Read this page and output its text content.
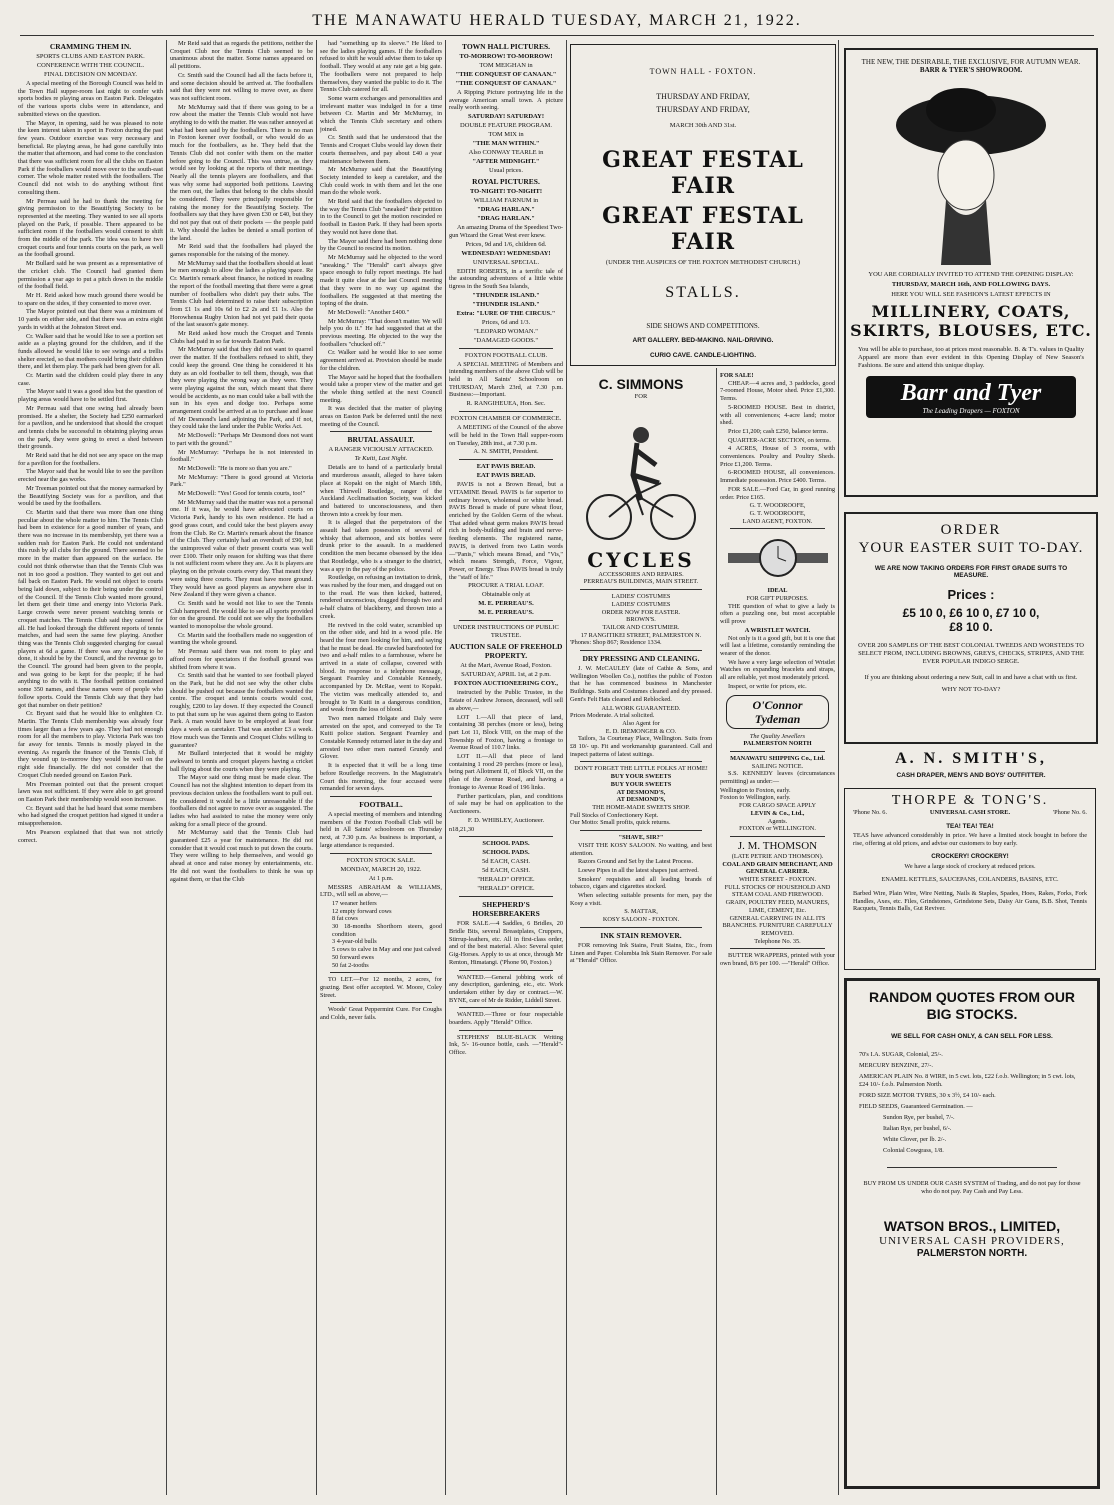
THE MANAWATU HERALD TUESDAY, MARCH 21, 1922.
CRAMMING THEM IN.
SPORTS CLUBS AND EASTON PARK.
CONFERENCE WITH THE COUNCIL.
FINAL DECISION ON MONDAY.

A special meeting of the Borough Council was held in the Town Hall supper-room last night to confer with sports bodies re playing areas on Easton Park. Delegates of the various sports clubs were in attendance, and submitted views on the question.

The Mayor, in opening, said he was pleased to note the keen interest taken in sport in Foxton during the past few years. Outdoor exercise was very necessary and beneficial. Re playing areas, he had gone carefully into the matter that afternoon, and had come to the conclusion that there was sufficient room for all the clubs on Easton Park if the footballers would move over to the south-east corner. The whole matter rested with the footballers. The Council did not wish to do anything without first consulting them.

Mr Perreau said he had to thank the meeting for giving permission to the Beautifying Society to be represented at the meeting. They wanted to see all sports played on the Park, if possible. There appeared to be sufficient room if the footballers would consent to shift from the middle of the park. The idea was to have two croquet courts and four tennis courts on the park, as well as the football ground.

Mr Bullard said he was present as a representative of the cricket club. The Council had granted them permission a year ago to put a pitch down in the middle of the football field.

Mr H. Reid asked how much ground there would be to spare on the sides, if they consented to move over.

The Mayor pointed out that there was a minimum of 10 yards on either side, and that there was an extra eight yards in width at the Johnston Street end.

Cr. Walker said that he would like to see a portion set aside as a playing ground for the children, and if the funds allowed he would like to see swings and a trellis shelter erected, so that mothers could bring their children there, and let them play. The park had been given for all.

Cr. Martin said the children could play there in any case.

The Mayor said it was a good idea but the question of playing areas would have to be settled first.

Mr Perreau said that one swing had already been promised. He a shelter, the Society had £250 earmarked for a pavilion, and he understood that should the croquet and tennis clubs be successful in obtaining playing areas on the park, they were going to erect a shed between their grounds.

Mr Reid said that he did not see any space on the map for a pavilion for the footballers.

The Mayor said that he would like to see the pavilion erected near the gas works.

Mr Treeman pointed out that the money earmarked by the Beautifying Society was for a pavilion, and that would be used by the footballers.

Cr. Martin said that there was more than one thing peculiar about the whole matter to him. The Tennis Club had been in existence for a good number of years, and there was no increase in its membership, yet there was a sudden rush for Easton Park. He could not understand this rush by all clubs for the ground. There seemed to be more in the matter than appeared on the surface. He could not think otherwise than that the Tennis Club was not in too good a position. They wanted to get out and fall back on Easton Park. He would not object to courts being laid down, subject to their being under the control of the Council. If the Tennis Club wanted more ground, let them get their time and energy into Victoria Park. Large crowds were never present watching tennis or croquet matches. The Tennis Club said they catered for all. He had looked through the different reports of tennis matches, and had seen the same few playing. Another thing was the Tennis Club suggested charging for casual players at 6d a game. If there was any charging to be done, it should be by the Council, and the revenue go to the Council. The ground had been given to the people, and was going to be kept for the people; if he had anything to do with it. The football petition contained some 350 names, and these names were of people who follow sports. Could the Tennis Club say that they had got that number on their petition?

Cr. Bryant said that he would like to enlighten Cr. Martin. The Tennis Club membership was already four times larger than a few years ago. They had not enough room for all the members to play. Victoria Park was too far away for tennis. Tennis is mostly played in the evening. As regards the finance of the Tennis Club, if they wound up to-morrow they would be well on the right side financially. He did not consider that the Croquet Club needed ground on Easton Park.

Mrs Freeman pointed out that the present croquet lawn was not sufficient. If they were able to get ground on Easton Park their membership would soon increase.

Cr. Bryant said that he had heard that some members who had signed the croquet petition had signed it under a misapprehension.

Mrs Pearson explained that that was not strictly correct.

Mr Reid said that as regards the petitions, neither the Croquet Club nor the Tennis Club seemed to be unanimous about the matter. Some names appeared on all petitions.

Cr. Smith said the Council had all the facts before it, and some decision should be arrived at. The footballers said that they were not willing to move over, as there was not sufficient room.

Mr McMurray said that if there was going to be a row about the matter the Tennis Club would not have anything to do with the matter. He was rather annoyed at what had been said by the footballers. There is no man in Foxton keener over football, or who would do as much for the footballers, as he. They held that the Tennis Club did not confer with them on the matter before going to the Council. This was untrue, as they would see by looking at the reports of their meetings. Nearly all the tennis players are footballers, and that was why some had supported both petitions. Leaving the men out, the ladies that belong to the clubs should be considered. They were principally responsible for raising the money for the Beautifying Society. The footballers say that they have given £30 or £40, but they did not pay that out of their pockets — the people paid it. Why should the ladies be denied a small portion of the land.

Mr Reid said that the footballers had played the games responsible for the raising of the money.

Mr McMurray said that the footballers should at least be men enough to allow the ladies a playing space. Re Cr. Martin's remark about finance, he noticed in reading the report of the football meeting that there were a great number of footballers who didn't pay their subs. The Tennis Club had determined to raise their subscription from £1 1s and 10s 6d to £2 2s and £1 1s. Also the Horowhenua Rugby Union had not yet paid their quota of the last season's gate money.

Mr Reid asked how much the Croquet and Tennis Clubs had paid in so far towards Easton Park.

Mr McMurray said that they did not want to quarrel over the matter. If the footballers refused to shift, they could keep the ground. One thing he considered it his duty as an old footballer to tell them, though, was that they were playing the wrong way as they were. They were playing against the sun, which meant that there would be accidents, as no man could take a ball with the sun in his eyes and dodge too. Perhaps some arrangement could be arrived at as to purchase and lease of Mr Desmond's land adjoining the Park, and if not, they could take the land under the Public Works Act.

Mr McDowell: "Perhaps Mr Desmond does not want to part with the ground."

Mr McMurray: "Perhaps he is not interested in football."

Mr McDowell: "He is more so than you are."

Mr McMurray: "There is good ground at Victoria Park."

Mr McDowell: "Yes! Good for tennis courts, too!"

Mr McMurray said that the matter was not a personal one. If it was, he would have advocated courts on Victoria Park, handy to his own residence. He had a good grass court, and could take the best players away from the Club. Re Cr. Martin's remark about the finance of the Club. They certainly had an overdraft of £90, but the unimproved value of their present courts was well over £100. Their only reason for shifting was that there is not sufficient room where they are. As it is players are playing on the private courts every day. That meant they were using three courts. They must have more ground. They would have as good players as anywhere else in New Zealand if they were given a chance.

Cr. Smith said he would not like to see the Tennis Club hampered. He would like to see all sports provided for on the ground. He could not see why the footballers wanted to monopolise the whole ground.

Cr. Martin said the footballers made no suggestion of wanting the whole ground.

Mr Perreau said there was not room to play and afford room for spectators if the football ground was shifted from where it was.

Cr. Smith said that he wanted to see football played on the Park, but he did not see why the other clubs should be pushed out because the footballers wanted the centre. The croquet and tennis courts would cost, roughly, £200 to lay down. If they expected the Council to put that sum up he was against them going to Easton Park. A man would have to be employed at least four days a week as caretaker. That was another £3 a week. How much was the Tennis and Croquet Clubs willing to guarantee?

Mr Bullard interjected that it would be mighty awkward to tennis and croquet players having a cricket ball flying about the courts when they were playing.

The Mayor said one thing must be made clear. The Council has not the slightest intention to depart from its previous decision unless the footballers want to pull out. He considered it would be a little unreasonable if the footballers did not agree to move over as suggested. The ladies who had assisted to raise the money were only asking for a small piece of the ground.

Mr McMurray said that the Tennis Club had guaranteed £25 a year for maintenance. He did not consider that it would cost much to put down the courts. They were willing to help themselves, and would go ahead at once and raise money by entertainments, etc. He did not want the footballers to think he was up against them, or that the Club

had "something up its sleeve." He liked to see the ladies playing games. If the footballers refused to shift he would advise them to take up football. They would at any rate get a big gate. The footballers were not prepared to help themselves, they wanted the public to do it. The Tennis Club catered for all.

Some warm exchanges and personalities and irrelevant matter was indulged in for a time between Cr. Martin and Mr McMurray, in which the Tennis Club secretary and others joined.

Cr. Smith said that he understood that the Tennis and Croquet Clubs would lay down their courts themselves, and pay about £40 a year maintenance between them.

Mr McMurray said that the Beautifying Society intended to keep a caretaker, and the Club could work in with them and let the one man do the whole work.

Mr Reid said that the footballers objected to the way the Tennis Club "sneaked" their petition in to the Council to get the motion rescinded re football in Easton Park. If they had been sports they would not have done that.

The Mayor said there had been nothing done by the Council to rescind its motion.

Mr McMurray said he objected to the word "sneaking." The "Herald" can't always give space enough to fully report meetings. He had made it quite clear at the last Council meeting that they were in no way up against the footballers. He suggested at that meeting the toping of the drain.

Mr McDowell: "Another £400."

Mr McMurray: "That doesn't matter. We will help you do it." He had suggested that at the previous meeting. He objected to the way the footballers "chucked off."

Cr. Walker said he would like to see some agreement arrived at. Provision should be made for the children.

The Mayor said he hoped that the footballers would take a proper view of the matter and get the whole thing settled at the next Council meeting.

It was decided that the matter of playing areas on Easton Park be deferred until the next meeting of the Council.

BRUTAL ASSAULT.
A RANGER VICIOUSLY ATTACKED.
Te Kuiti, Last Night.

Details are to hand of a particularly brutal and murderous assault, alleged to have taken place at Kopaki on the night of March 18th, when Thirwell Routledge, ranger of the Auckland Acclimatisation Society, was kicked and battered to unconsciousness, and then thrown into a creek by four men.

It is alleged that the perpetrators of the assault had taken possession of several of whisky that afternoon, and six bottles were drunk prior to the assault. In a maddened condition the men became obsessed by the idea that Routledge, who is a stranger to the district, was a spy in the pay of the police.

Routledge, on refusing an invitation to drink, was rushed by the four men, and dragged out on to the road. He was then kicked, battered, rendered unconscious, dragged through two and a-half chains of blackberry, and thrown into a creek.

He revived in the cold water, scrambled up on the other side, and hid in a wood pile. He heard the four men looking for him, and saying that he must be dead. He crawled barefooted for two and a-half miles to a farmhouse, where he arrived in a state of collapse, covered with blood. In response to a telephone message, Sergeant Fearnley and Constable Kennedy, accompanied by Dr. McRae, went to Kopaki. The victim was medically attended to, and brought to Te Kuiti in a dangerous condition, and weak from the loss of blood.

Two men named Holgate and Daly were arrested on the spot, and conveyed to the Te Kuiti police station. Sergeant Fearnley and Constable Kennedy returned later in the day and arrested two other men named Grundy and Glover.

It is expected that it will be a long time before Routledge recovers. In the Magistrate's Court this morning, the four accused were remanded for seven days.

FOOTBALL.

A special meeting of members and intending members of the Foxton Football Club will be held in All Saints' schoolroom on Thursday next, at 7.30 p.m. As business is important, a large attendance is requested.

FOXTON STOCK SALE.
MONDAY, MARCH 20, 1922.
At 1 p.m.

MESSRS ABRAHAM & WILLIAMS, LTD., will sell as above,—

17 weaner heifers
12 empty forward cows
8 fat cows
30 18-months Shorthorn steers, good condition
3 4-year-old bulls
5 cows to calve in May and one just calved
50 forward ewes
50 fat 2-tooths

TO LET.—For 12 months, 2 acres, for grazing. Best offer accepted. W. Moore, Coley Street.

Woods' Great Peppermint Cure. For Coughs and Colds, never fails.

TOWN HALL PICTURES.
TO-MORROW! TO-MORROW!
TOM MEIGHAN in
"THE CONQUEST OF CANAAN."
"THE CONQUEST OF CANAAN."

A Ripping Picture portraying life in the average American small town. A picture really worth seeing.

SATURDAY! SATURDAY!
DOUBLE FEATURE PROGRAM.
TOM MIX in
"THE MAN WITHIN."
Also CONWAY TEARLE in
"AFTER MIDNIGHT."
Usual prices.
ROYAL PICTURES.
TO-NIGHT! TO-NIGHT!
WILLIAM FARNUM in
"DRAG HARLAN."
"DRAG HARLAN."

An amazing Drama of the Speediest Two-gun Wizard the Great West ever knew.

Prices, 9d and 1/6, children 6d.
WEDNESDAY! WEDNESDAY!
UNIVERSAL SPECIAL.

EDITH ROBERTS, in a terrific tale of the astounding adventures of a little white tigress in the South Sea Islands,

"THUNDER ISLAND."
"THUNDER ISLAND."
Extra: "LURE OF THE CIRCUS."
Prices, 6d and 1/3.
"LEOPARD WOMAN."
"DAMAGED GOODS."
FOXTON FOOTBALL CLUB.

A SPECIAL MEETING of Members and intending members of the above Club will be held in All Saints' Schoolroom on THURSDAY, March 23rd, at 7.30 p.m. Business:—Important.

R. RANGIHEUEA, Hon. Sec.
FOXTON CHAMBER OF COMMERCE.

A MEETING of the Council of the above will be held in the Town Hall supper-room on Tuesday, 28th inst., at 7.30 p.m.

A. N. SMITH, President.
EAT PAVIS BREAD.
EAT PAVIS BREAD.

PAVIS is not a Brown Bread, but a VITAMINE Bread. PAVIS is far superior to ordinary brown, wholemeal or white bread. PAVIS Bread is made of pure wheat flour, enriched by the Golden Germ of the wheat. That added wheat germ makes PAVIS bread rich in body-building and brain and nerve-feeding elements. The registered name, PAVIS, is derived from two Latin words —"Panis," which means Bread, and "Vis," which means Strength, Force, Vigour, Power, or Energy. Thus PAVIS bread is truly the "staff of life."

PROCURE A TRIAL LOAF.
Obtainable only at
M. E. PERREAU'S.
M. E. PERREAU'S.
UNDER INSTRUCTIONS OF PUBLIC TRUSTEE.
AUCTION SALE OF FREEHOLD PROPERTY.
At the Mart, Avenue Road, Foxton.
SATURDAY, APRIL 1st, at 2 p.m.
FOXTON AUCTIONEERING COY.,

instructed by the Public Trustee, in the Estate of Andrew Jonson, deceased, will sell as above,—

LOT 1.—All that piece of land, containing 38 perches (more or less), being part Lot 11, Block VIII, on the map of the Township of Foxton, having a frontage to Avenue Road of 110.7 links.

LOT II.—All that piece of land containing 1 rood 29 perches (more or less), being part Allotment II, of Block VII, on the plan of the Avenue Road, and having a frontage to Avenue Road of 196 links.

Further particulars, plan, and conditions of sale may be had on application to the Auctioneers.

F. D. WHIBLEY, Auctioneer.
n18,21,30
SCHOOL PADS.
SCHOOL PADS.
5d EACH, CASH.
5d EACH, CASH.
"HERALD" OFFICE.
"HERALD" OFFICE.
SHEPHERD'S HORSEBREAKERS

FOR SALE.—4 Saddles, 6 Bridles, 20 Bridle Bits, several Breastplates, Cruppers, Stirrup-leathers, etc. All in first-class order, and of the best material. Also: Several quiet Gig-Horses. Apply to us at once, through Mr Renton, Himatangi. ('Phone 90, Foxton.)

WANTED.—General jobbing work of any description, gardening, etc., etc. Work undertaken either by day or contract.—W. BYNE, care of Mr de Ridder, Liddell Street.

WANTED.—Three or four respectable boarders. Apply "Herald" Office.

STEPHENS' BLUE-BLACK Writing Ink, 5/- 16-ounce bottle, cash. —"Herald"-Office.

TOWN HALL - FOXTON.
THURSDAY AND FRIDAY,
THURSDAY AND FRIDAY,
MARCH 30th AND 31st.
GREAT FESTAL FAIR
GREAT FESTAL FAIR
(UNDER THE AUSPICES OF THE FOXTON METHODIST CHURCH.)
STALLS.
SIDE SHOWS AND COMPETITIONS.
ART GALLERY. BED-MAKING. NAIL-DRIVING.
CURIO CAVE. CANDLE-LIGHTING.
C. SIMMONS
FOR
CYCLES
ACCESSORIES AND REPAIRS.
PERREAU'S BUILDINGS, MAIN STREET.
LADIES' COSTUMES
LADIES' COSTUMES
ORDER NOW FOR EASTER.
BROWN'S.
TAILOR AND COSTUMIER.
17 RANGITIKEI STREET, PALMERSTON N.
'Phones: Shop 867; Residence 1334.
DRY PRESSING AND CLEANING.

J. W. McCAULEY (late of Cathie & Sons, and Wellington Woollen Co.), notifies the public of Foxton that he has commenced business in Manchester Buildings. Suits and Costumes cleaned and dry pressed. Gent's Felt Hats cleaned and Reblocked.

ALL WORK GUARANTEED.
Prices Moderate. A trial solicited.
Also Agent for
E. D. IREMONGER & CO.

Tailors, 3a Courtenay Place, Wellington. Suits from £8 10/- up. Fit and workmanship guaranteed. Call and inspect patterns of latest suitings.

DON'T FORGET THE LITTLE FOLKS AT HOME!
BUY YOUR SWEETS
BUY YOUR SWEETS
AT DESMOND'S,
AT DESMOND'S,
THE HOME-MADE SWEETS SHOP.
Full Stocks of Confectionery Kept.
Our Motto: Small profits, quick returns.
"SHAVE, SIR?"

VISIT THE KOSY SALOON. No waiting, and best attention.

Razors Ground and Set by the Latest Process.

Loewe Pipes in all the latest shapes just arrived.

Smokers' requisites and all leading brands of tobacco, cigars and cigarettes stocked.

When selecting suitable presents for men, pay the Kosy a visit.

S. MATTAR,
KOSY SALOON - FOXTON.
INK STAIN REMOVER.

FOR removing Ink Stains, Fruit Stains, Etc., from Linen and Paper. Columbia Ink Stain Remover. For sale at "Herald" Office.

FOR SALE!

CHEAP.—4 acres and, 3 paddocks, good 7-roomed House, Motor shed. Price £1,300. Terms.

5-ROOMED HOUSE. Best in district, with all conveniences; 4-acre land; motor shed.

Price £1,200; cash £250, balance terms.

QUARTER-ACRE SECTION, on terms.

4 ACRES, House of 3 rooms, with conveniences. Poultry and Poultry Sheds. Price £1,200. Terms.

6-ROOMED HOUSE, all conveniences. Immediate possession. Price £400. Terms.

FOR SALE.—Ford Car, in good running order. Price £165.

G. T. WOODROOFE,
G. T. WOODROOFE,
LAND AGENT, FOXTON.
IDEAL
FOR GIFT PURPOSES.

THE question of what to give a lady is often a puzzling one, but most acceptable will prove

A WRISTLET WATCH.

Not only is it a good gift, but it is one that will last a lifetime, constantly reminding the wearer of the donor.

We have a very large selection of Wristlet Watches on expanding bracelets and straps, all are reliable, yet most moderately priced.

Inspect, or write for prices, etc.

O'Connor Tydeman
The Quality Jewellers
PALMERSTON NORTH
MANAWATU SHIPPING Co., Ltd.
SAILING NOTICE.

S.S. KENNEDY leaves (circumstances permitting) as under:—

Wellington to Foxton, early.
Foxton to Wellington, early.
FOR CARGO SPACE APPLY
LEVIN & Co., Ltd.,
Agents.
FOXTON or WELLINGTON.
J. M. THOMSON
(LATE PETRIE AND THOMSON).
COAL AND GRAIN MERCHANT, AND GENERAL CARRIER.
WHITE STREET - FOXTON.
FULL STOCKS OF HOUSEHOLD AND STEAM COAL AND FIREWOOD.
GRAIN, POULTRY FEED, MANURES, LIME, CEMENT, Etc.
GENERAL CARRYING IN ALL ITS BRANCHES. FURNITURE CAREFULLY REMOVED.
Telephone No. 35.

BUTTER WRAPPERS, printed with your own brand, 8/6 per 100. —"Herald" Office.

THE NEW, THE DESIRABLE, THE EXCLUSIVE, FOR AUTUMN WEAR.
BARR & TYER'S SHOWROOM.
YOU ARE CORDIALLY INVITED TO ATTEND THE OPENING DISPLAY:
THURSDAY, MARCH 16th, AND FOLLOWING DAYS.
HERE YOU WILL SEE FASHION'S LATEST EFFECTS IN
MILLINERY, COATS,
SKIRTS, BLOUSES, ETC.
You will be able to purchase, too at prices most reasonable. B. & T's. values in Quality Apparel are more than ever evident in this Opening Display of New Season's Fashions. Be sure and attend this unique display.
Barr and Tyer
The Leading Drapers — FOXTON
ORDER
YOUR EASTER SUIT TO-DAY.
WE ARE NOW TAKING ORDERS FOR FIRST GRADE SUITS TO MEASURE.
Prices :
£5 10 0, £6 10 0, £7 10 0,
£8 10 0.
OVER 200 SAMPLES OF THE BEST COLONIAL TWEEDS AND WORSTEDS TO SELECT FROM, INCLUDING BROWNS, GREYS, CHECKS, STRIPES, AND THE EVER POPULAR INDIGO SERGE.
If you are thinking about ordering a new Suit, call in and have a chat with us first.
WHY NOT TO-DAY?
A. N. SMITH'S,
CASH DRAPER, MEN'S AND BOYS' OUTFITTER.
THORPE & TONG'S.
'Phone No. 6.	UNIVERSAL CASH STORE.	'Phone No. 6.
TEA! TEA! TEA!
TEAS have advanced considerably in price. We have a limited stock bought in before the rise, offering at old prices, and advise our customers to buy early.
CROCKERY! CROCKERY!
We have a large stock of crockery at reduced prices.
ENAMEL KETTLES, SAUCEPANS, COLANDERS, BASINS, ETC.
Barbed Wire, Plain Wire, Wire Netting, Nails & Staples, Spades, Hoes, Rakes, Forks, Fork Handles, Axes, etc. Files, Grindstones, Grindstone Sets, Daisy Air Guns, B.B. Shot, Tennis Racquets, Tennis Balls, Gut Reviver.
RANDOM QUOTES FROM OUR BIG STOCKS.
WE SELL FOR CASH ONLY, & CAN SELL FOR LESS.
70's I.A. SUGAR, Colonial, 25/-.
MERCURY BENZINE, 27/-.
AMERICAN PLAIN No. 8 WIRE, in 5 cwt. lots, £22 f.o.b. Wellington; in 5 cwt. lots, £24 10/- f.o.b. Palmerston North.
FORD SIZE MOTOR TYRES, 30 x 3½, £4 10/- each.
FIELD SEEDS, Guaranteed Germination. —
Sundon Rye, per bushel, 7/-.
Italian Rye, per bushel, 6/-.
White Clover, per lb. 2/-.
Colonial Cowgrass, 1/8.
BUY FROM US UNDER OUR CASH SYSTEM of Trading, and do not pay for those who do not pay. Pay Cash and Pay Less.
WATSON BROS., LIMITED,
UNIVERSAL CASH PROVIDERS,
PALMERSTON NORTH.
